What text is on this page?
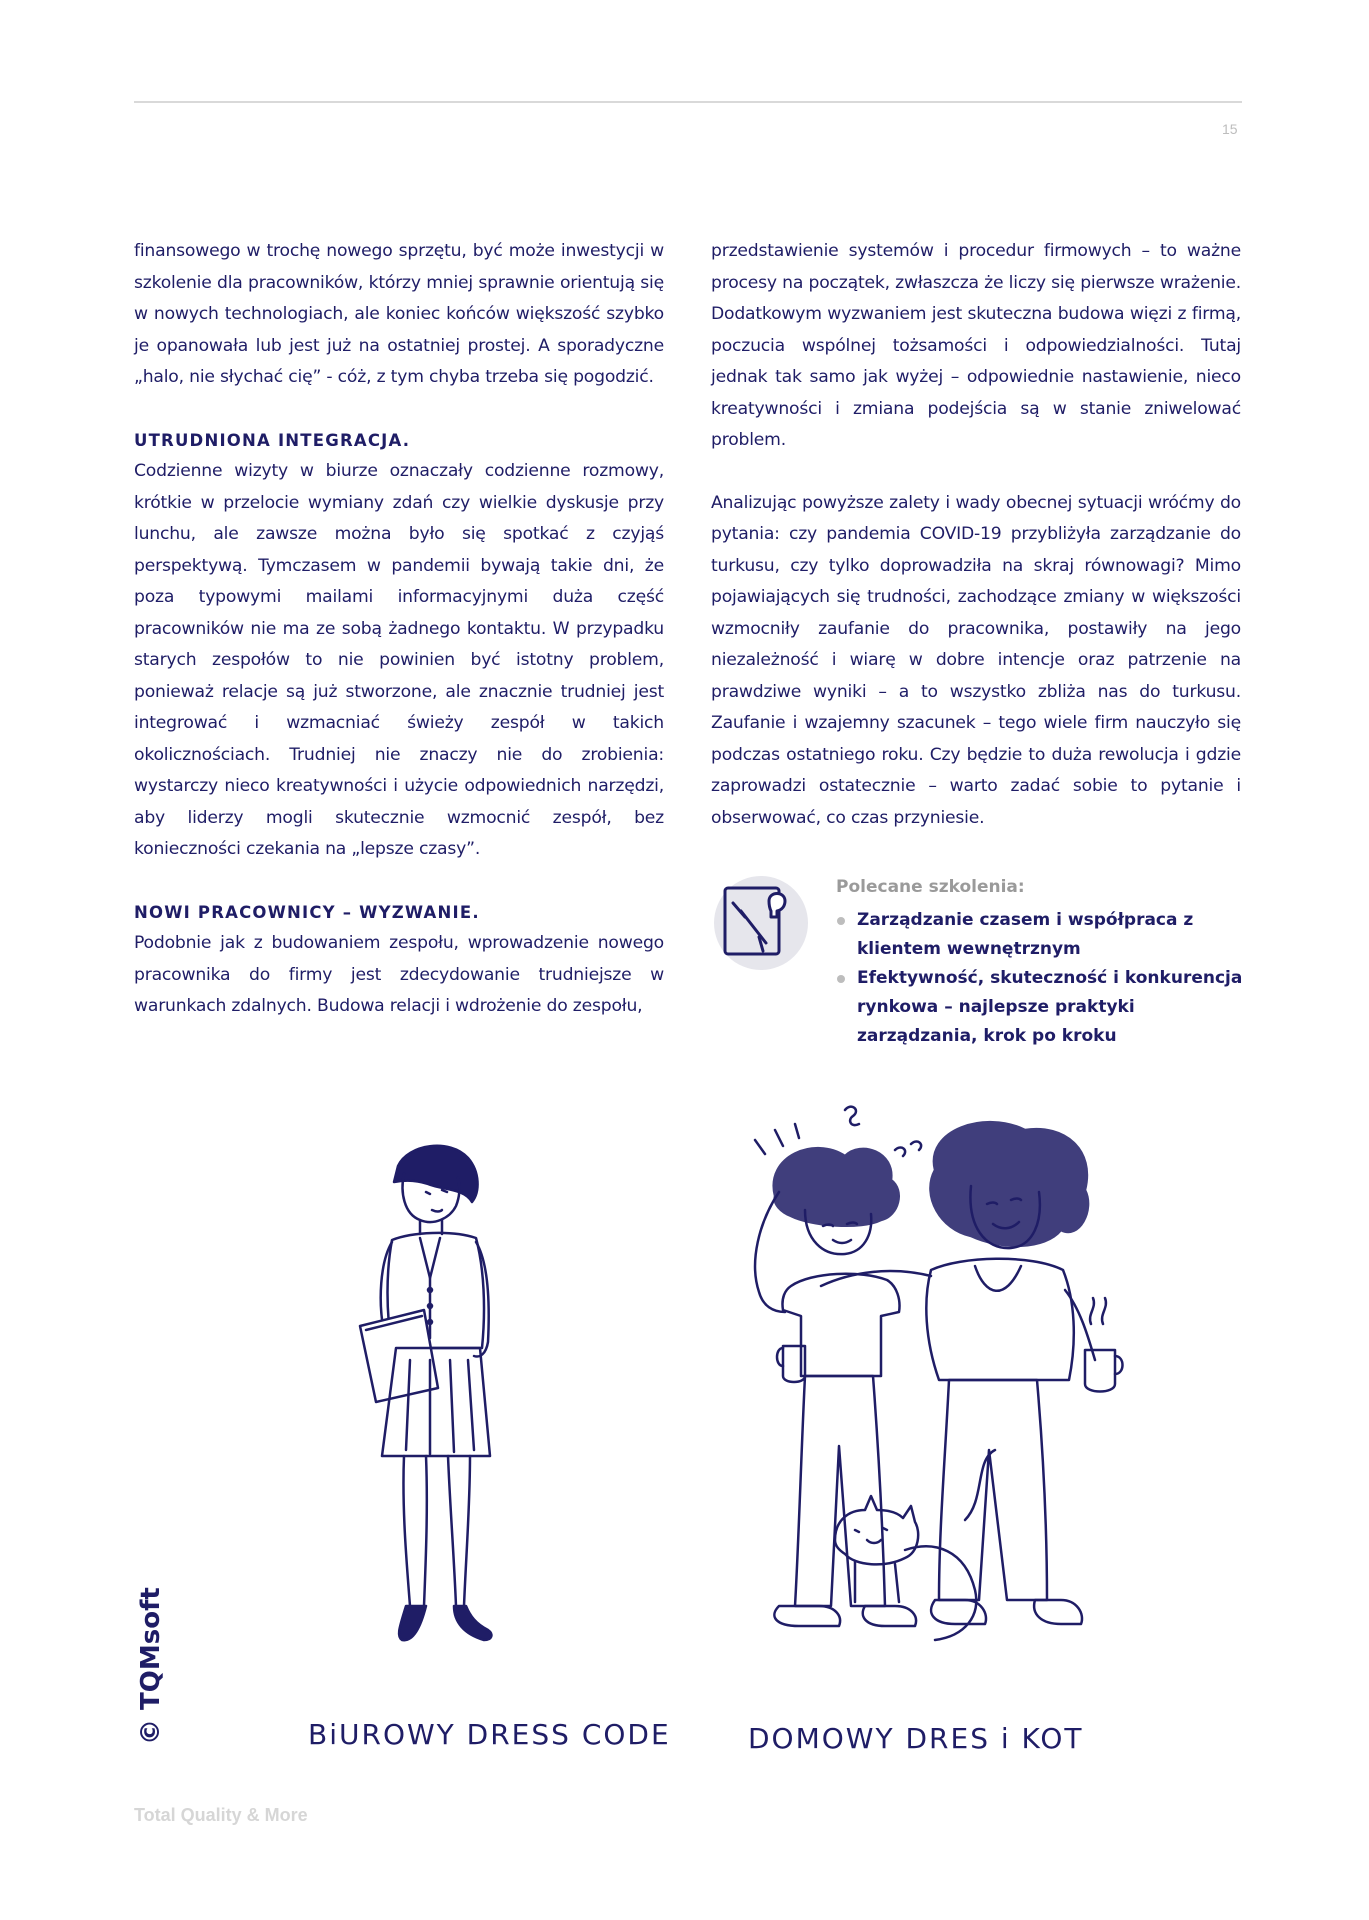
15

finansowego w trochę nowego sprzętu, być może inwestycji w szkolenie dla pracowników, którzy mniej sprawnie orientują się w nowych technologiach, ale koniec końców większość szybko je opanowała lub jest już na ostatniej prostej. A sporadyczne „halo, nie słychać cię” - cóż, z tym chyba trzeba się pogodzić.

UTRUDNIONA INTEGRACJA.

Codzienne wizyty w biurze oznaczały codzienne rozmowy, krótkie w przelocie wymiany zdań czy wielkie dyskusje przy lunchu, ale zawsze można było się spotkać z czyjąś perspektywą. Tymczasem w pandemii bywają takie dni, że poza typowymi mailami informacyjnymi duża część pracowników nie ma ze sobą żadnego kontaktu. W przypadku starych zespołów to nie powinien być istotny problem, ponieważ relacje są już stworzone, ale znacznie trudniej jest integrować i wzmacniać świeży zespół w takich okolicznościach. Trudniej nie znaczy nie do zrobienia: wystarczy nieco kreatywności i użycie odpowiednich narzędzi, aby liderzy mogli skutecznie wzmocnić zespół, bez konieczności czekania na „lepsze czasy”.

NOWI PRACOWNICY – WYZWANIE.

Podobnie jak z budowaniem zespołu, wprowadzenie nowego pracownika do firmy jest zdecydowanie trudniejsze w warunkach zdalnych. Budowa relacji i wdrożenie do zespołu,

przedstawienie systemów i procedur firmowych – to ważne procesy na początek, zwłaszcza że liczy się pierwsze wrażenie. Dodatkowym wyzwaniem jest skuteczna budowa więzi z firmą, poczucia wspólnej tożsamości i odpowiedzialności. Tutaj jednak tak samo jak wyżej – odpowiednie nastawienie, nieco kreatywności i zmiana podejścia są w stanie zniwelować problem.

Analizując powyższe zalety i wady obecnej sytuacji wróćmy do pytania: czy pandemia COVID-19 przybliżyła zarządzanie do turkusu, czy tylko doprowadziła na skraj równowagi? Mimo pojawiających się trudności, zachodzące zmiany w większości wzmocniły zaufanie do pracownika, postawiły na jego niezależność i wiarę w dobre intencje oraz patrzenie na prawdziwe wyniki – a to wszystko zbliża nas do turkusu. Zaufanie i wzajemny szacunek – tego wiele firm nauczyło się podczas ostatniego roku. Czy będzie to duża rewolucja i gdzie zaprowadzi ostatecznie – warto zadać sobie to pytanie i obserwować, co czas przyniesie.

Polecane szkolenia:
Zarządzanie czasem i współpraca z klientem wewnętrznym
Efektywność, skuteczność i konkurencja rynkowa – najlepsze praktyki zarządzania, krok po kroku
BiUROWY DRESS CODE	DOMOWY DRES i KOT
© TQMsoft
Total Quality & More
